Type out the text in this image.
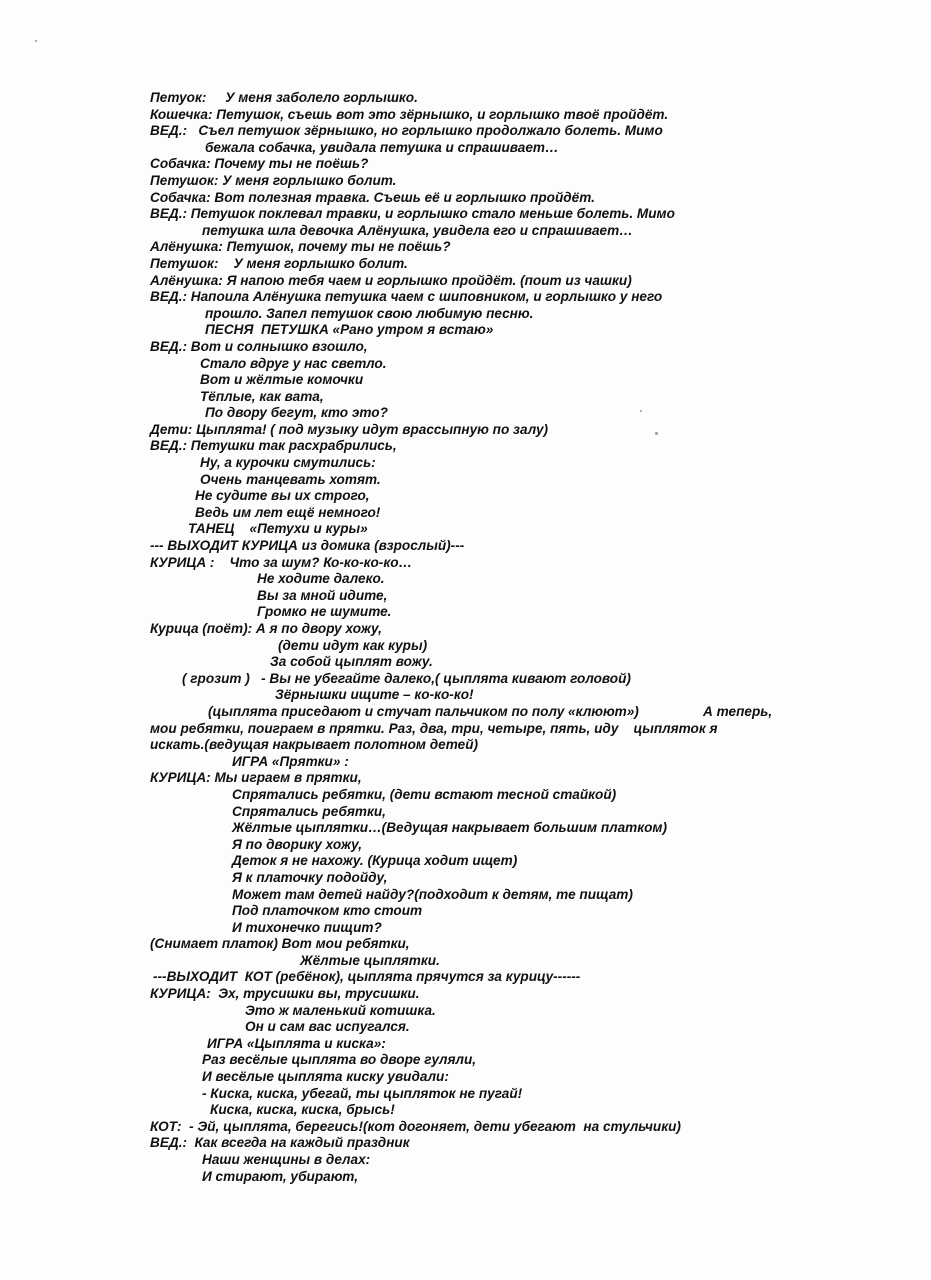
Петуок:     У меня заболело горлышко.
Кошечка: Петушок, съешь вот это зёрнышко, и горлышко твоё пройдёт.
ВЕД.:   Съел петушок зёрнышко, но горлышко продолжало болеть. Мимо
бежала собачка, увидала петушка и спрашивает…
Собачка: Почему ты не поёшь?
Петушок: У меня горлышко болит.
Собачка: Вот полезная травка. Съешь её и горлышко пройдёт.
ВЕД.: Петушок поклевал травки, и горлышко стало меньше болеть. Мимо
петушка шла девочка Алёнушка, увидела его и спрашивает…
Алёнушка: Петушок, почему ты не поёшь?
Петушок:    У меня горлышко болит.
Алёнушка: Я напою тебя чаем и горлышко пройдёт. (поит из чашки)
ВЕД.: Напоила Алёнушка петушка чаем с шиповником, и горлышко у него
прошло. Запел петушок свою любимую песню.
ПЕСНЯ  ПЕТУШКА «Рано утром я встаю»
ВЕД.: Вот и солнышко взошло,
Стало вдруг у нас светло.
Вот и жёлтые комочки
Тёплые, как вата,
По двору бегут, кто это?
Дети: Цыплята! ( под музыку идут врассыпную по залу)
ВЕД.: Петушки так расхрабрились,
Ну, а курочки смутились:
Очень танцевать хотят.
Не судите вы их строго,
Ведь им лет ещё немного!
ТАНЕЦ    «Петухи и куры»
--- ВЫХОДИТ КУРИЦА из домика (взрослый)---
КУРИЦА :    Что за шум? Ко-ко-ко-ко…
Не ходите далеко.
Вы за мной идите,
Громко не шумите.
Курица (поёт): А я по двору хожу,
(дети идут как куры)
За собой цыплят вожу.
( грозит )   - Вы не убегайте далеко,( цыплята кивают головой)
Зёрнышки ищите – ко-ко-ко!
(цыплята приседают и стучат пальчиком по полу «клюют»)                 А теперь,
мои ребятки, поиграем в прятки. Раз, два, три, четыре, пять, иду    цыпляток я
искать.(ведущая накрывает полотном детей)
ИГРА «Прятки» :
КУРИЦА: Мы играем в прятки,
Спрятались ребятки, (дети встают тесной стайкой)
Спрятались ребятки,
Жёлтые цыплятки…(Ведущая накрывает большим платком)
Я по дворику хожу,
Деток я не нахожу. (Курица ходит ищет)
Я к платочку подойду,
Может там детей найду?(подходит к детям, те пищат)
Под платочком кто стоит
И тихонечко пищит?
(Снимает платок) Вот мои ребятки,
Жёлтые цыплятки.
---ВЫХОДИТ  КОТ (ребёнок), цыплята прячутся за курицу------
КУРИЦА:  Эх, трусишки вы, трусишки.
Это ж маленький котишка.
Он и сам вас испугался.
ИГРА «Цыплята и киска»:
Раз весёлые цыплята во дворе гуляли,
И весёлые цыплята киску увидали:
- Киска, киска, убегай, ты цыпляток не пугай!
Киска, киска, киска, брысь!
КОТ:  - Эй, цыплята, берегись!(кот догоняет, дети убегают  на стульчики)
ВЕД.:  Как всегда на каждый праздник
Наши женщины в делах:
И стирают, убирают,
